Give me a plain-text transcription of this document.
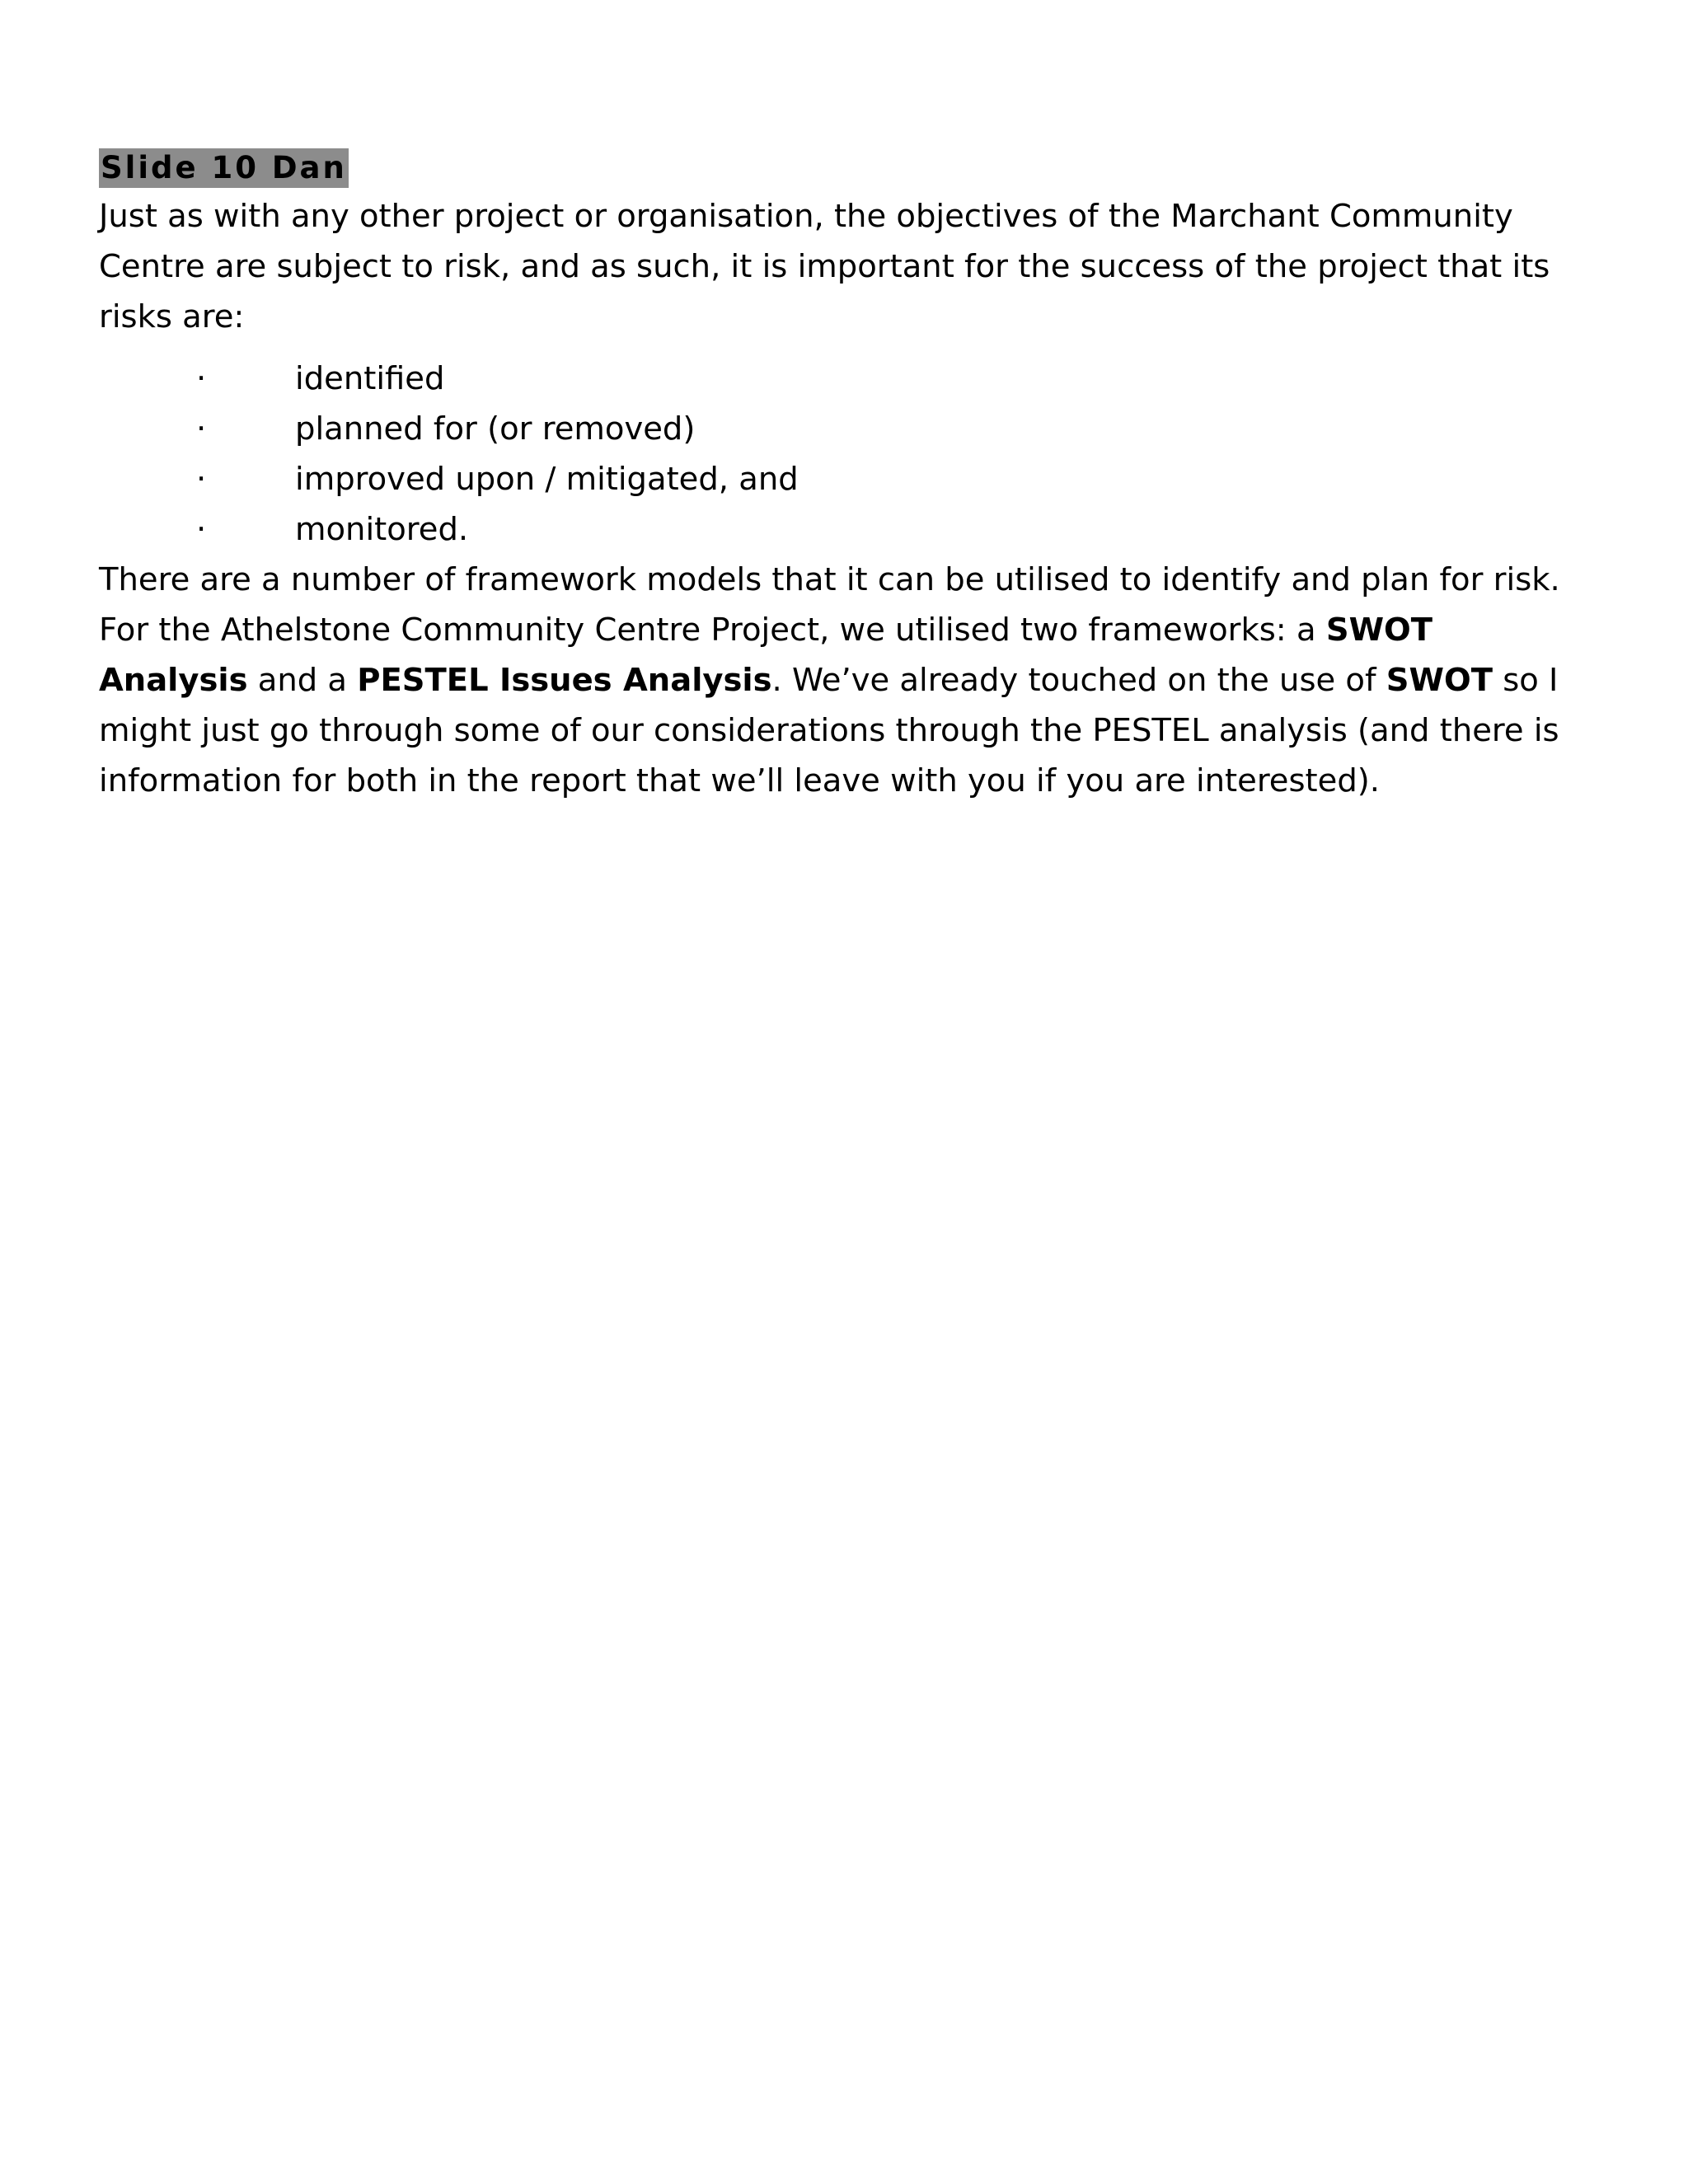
Slide 10 Dan

Just as with any other project or organisation, the objectives of the Marchant Community Centre are subject to risk, and as such, it is important for the success of the project that its risks are:

·	identified
·	planned for (or removed)
·	improved upon / mitigated, and
·	monitored.

There are a number of framework models that it can be utilised to identify and plan for risk. For the Athelstone Community Centre Project, we utilised two frameworks: a SWOT Analysis and a PESTEL Issues Analysis. We’ve already touched on the use of SWOT so I might just go through some of our considerations through the PESTEL analysis (and there is information for both in the report that we’ll leave with you if you are interested).
